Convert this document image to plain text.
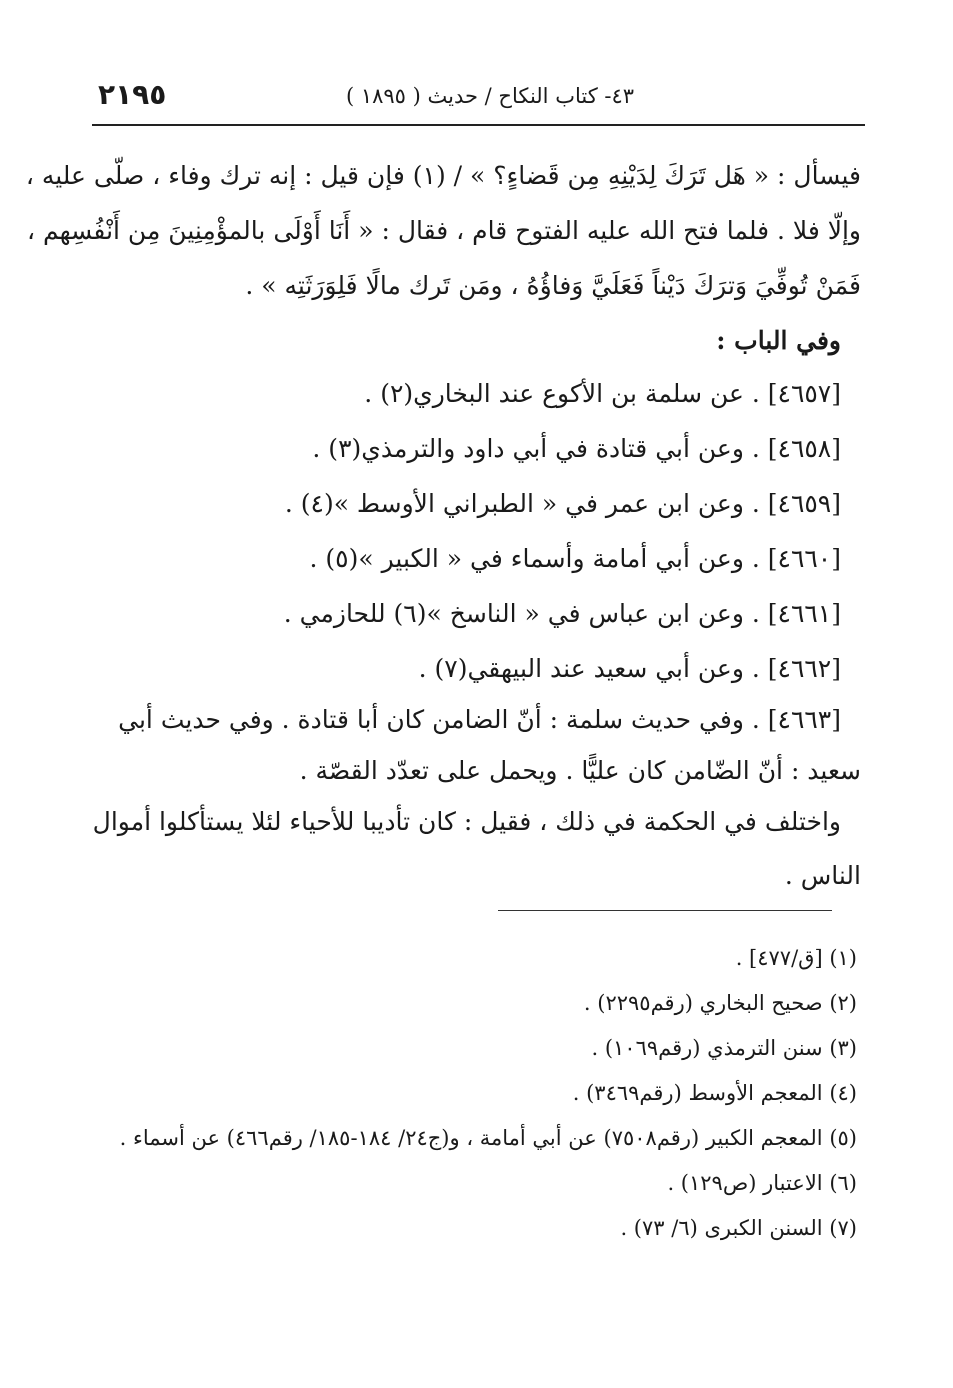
٢١٩٥	٤٣- كتاب النكاح / حديث ( ١٨٩٥ )
فيسأل : « هَل تَرَكَ لِدَيْنِهِ مِن قَضاءٍ؟ » / (١) فإن قيل : إنه ترك وفاء ، صلّى عليه ،
وإلّا فلا . فلما فتح الله عليه الفتوح قام ، فقال : « أَنَا أَوْلَى بالمؤْمِنِينَ مِن أَنْفُسِهم ،
فَمَنْ تُوفِّيَ وَترَكَ دَيْناً فَعَلَيَّ وَفاؤُهُ ، ومَن تَرك مالًا فَلِوَرَثَتِه » .
وفي الباب :
[٤٦٥٧] . عن سلمة بن الأكوع عند البخاري(٢) .
[٤٦٥٨] . وعن أبي قتادة في أبي داود والترمذي(٣) .
[٤٦٥٩] . وعن ابن عمر في « الطبراني الأوسط »(٤) .
[٤٦٦٠] . وعن أبي أمامة وأسماء في « الكبير »(٥) .
[٤٦٦١] . وعن ابن عباس في « الناسخ »(٦) للحازمي .
[٤٦٦٢] . وعن أبي سعيد عند البيهقي(٧) .
[٤٦٦٣] . وفي حديث سلمة : أنّ الضامن كان أبا قتادة . وفي حديث أبي
سعيد : أنّ الضّامن كان عليًّا . ويحمل على تعدّد القصّة .
واختلف في الحكمة في ذلك ، فقيل : كان تأديبا للأحياء لئلا يستأكلوا أموال
الناس .
(١) [ق/٤٧٧] .
(٢) صحيح البخاري (رقم٢٢٩٥) .
(٣) سنن الترمذي (رقم١٠٦٩) .
(٤) المعجم الأوسط (رقم٣٤٦٩) .
(٥) المعجم الكبير (رقم٧٥٠٨) عن أبي أمامة ، و(ج٢٤/ ١٨٤-١٨٥/ رقم٤٦٦) عن أسماء .
(٦) الاعتبار (ص١٢٩) .
(٧) السنن الكبرى (٦/ ٧٣) .
